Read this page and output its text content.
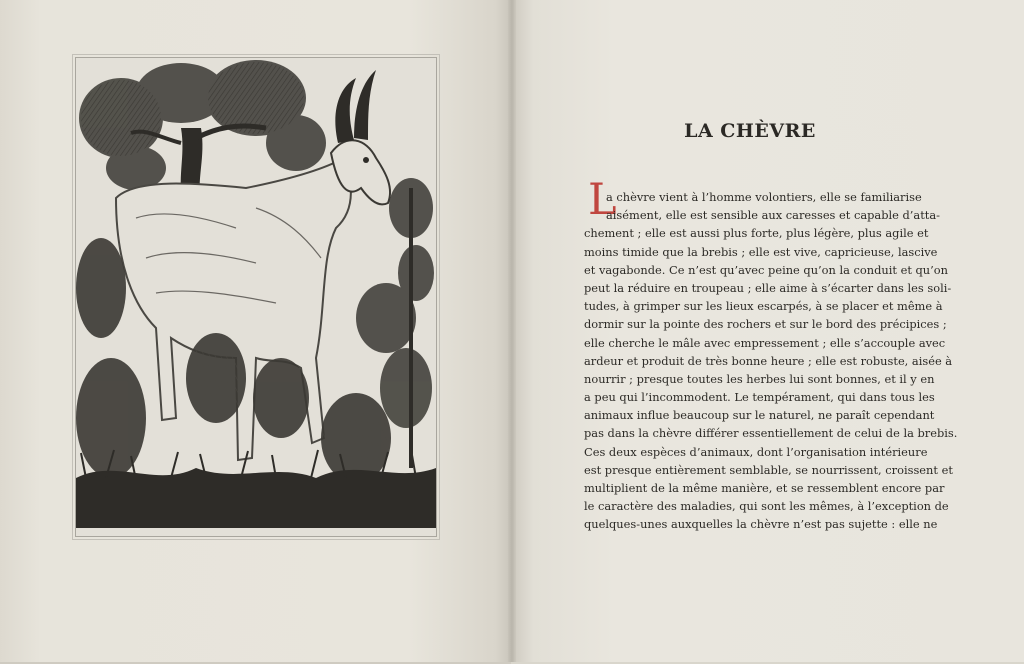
LA CHÈVRE
L
a chèvre vient à l’homme volontiers, elle se familiarise
aisément, elle est sensible aux caresses et capable d’atta-
chement ; elle est aussi plus forte, plus légère, plus agile et
moins timide que la brebis ; elle est vive, capricieuse, lascive
et vagabonde. Ce n’est qu’avec peine qu’on la conduit et qu’on
peut la réduire en troupeau ; elle aime à s’écarter dans les soli-
tudes, à grimper sur les lieux escarpés, à se placer et même à
dormir sur la pointe des rochers et sur le bord des précipices ;
elle cherche le mâle avec empressement ; elle s’accouple avec
ardeur et produit de très bonne heure ; elle est robuste, aisée à
nourrir ; presque toutes les herbes lui sont bonnes, et il y en
a peu qui l’incommodent. Le tempérament, qui dans tous les
animaux influe beaucoup sur le naturel, ne paraît cependant
pas dans la chèvre différer essentiellement de celui de la brebis.
Ces deux espèces d’animaux, dont l’organisation intérieure
est presque entièrement semblable, se nourrissent, croissent et
multiplient de la même manière, et se ressemblent encore par
le caractère des maladies, qui sont les mêmes, à l’exception de
quelques-unes auxquelles la chèvre n’est pas sujette : elle ne
